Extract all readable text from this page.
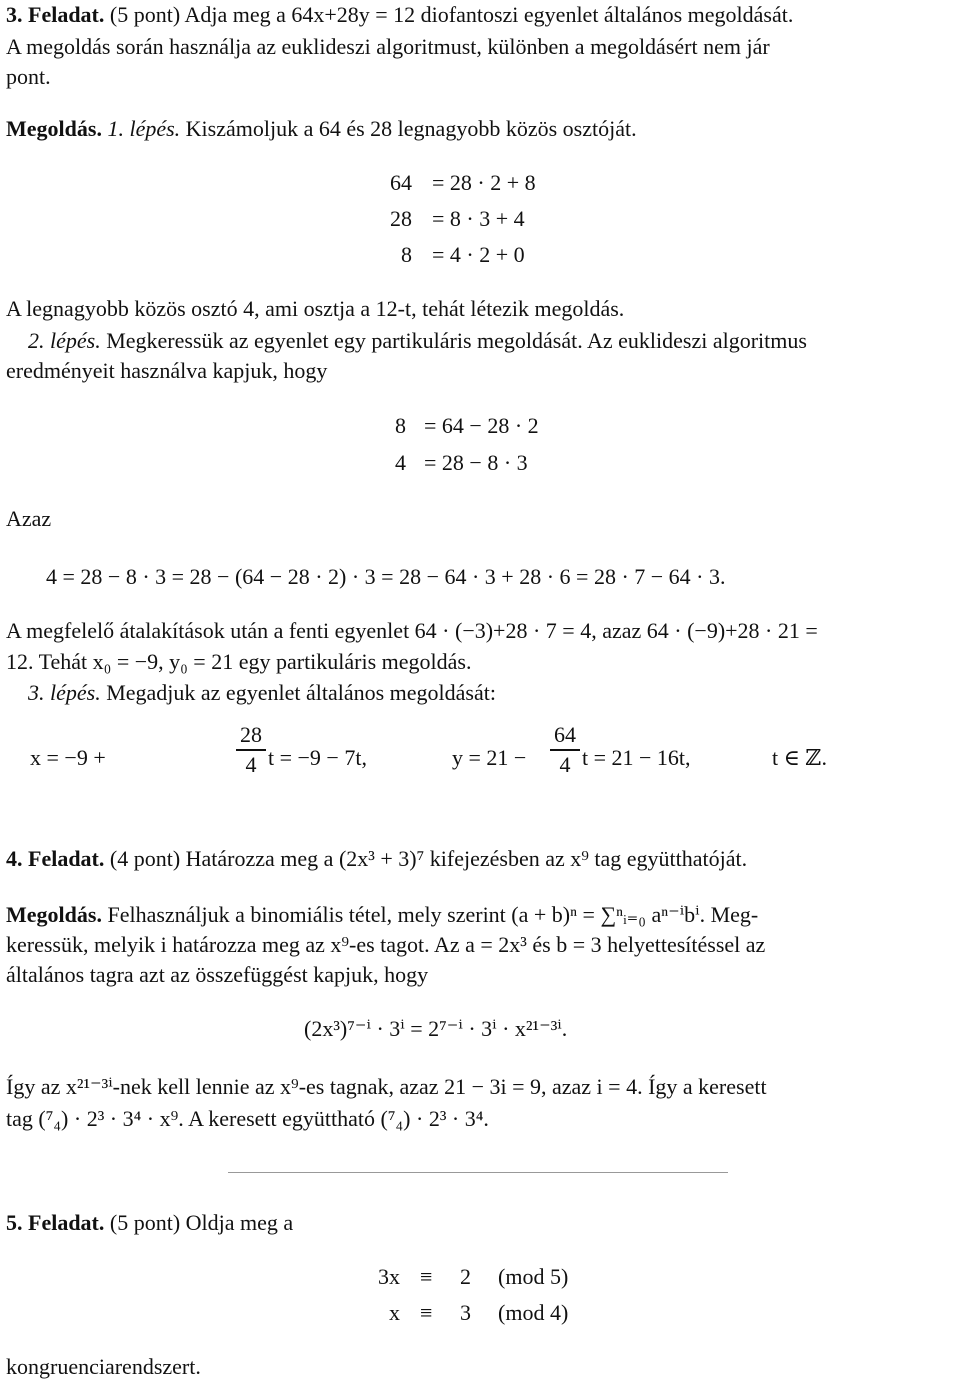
3. Feladat. (5 pont) Adja meg a 64x+28y = 12 diofantoszi egyenlet általános megoldását.
A megoldás során használja az euklideszi algoritmust, különben a megoldásért nem jár
pont.
Megoldás. 1. lépés. Kiszámoljuk a 64 és 28 legnagyobb közös osztóját.
64 = 28 · 2 + 8
28 = 8 · 3 + 4
8 = 4 · 2 + 0
A legnagyobb közös osztó 4, ami osztja a 12-t, tehát létezik megoldás.
2. lépés. Megkeressük az egyenlet egy partikuláris megoldását. Az euklideszi algoritmus
eredményeit használva kapjuk, hogy
8 = 64 − 28 · 2
4 = 28 − 8 · 3
Azaz
4 = 28 − 8 · 3 = 28 − (64 − 28 · 2) · 3 = 28 − 64 · 3 + 28 · 6 = 28 · 7 − 64 · 3.
A megfelelő átalakítások után a fenti egyenlet 64 · (−3)+28 · 7 = 4, azaz 64 · (−9)+28 · 21 =
12. Tehát x₀ = −9, y₀ = 21 egy partikuláris megoldás.
3. lépés. Megadjuk az egyenlet általános megoldását:
x = −9 +
28
4 t = −9 − 7t,	y = 21 −
64
4 t = 21 − 16t,	t ∈ ℤ.
4. Feladat. (4 pont) Határozza meg a (2x³ + 3)⁷ kifejezésben az x⁹ tag együtthatóját.
Megoldás. Felhasználjuk a binomiális tétel, mely szerint (a + b)ⁿ = ∑ⁿᵢ₌₀ aⁿ⁻ⁱbⁱ. Meg-
keressük, melyik i határozza meg az x⁹-es tagot. Az a = 2x³ és b = 3 helyettesítéssel az
általános tagra azt az összefüggést kapjuk, hogy
(2x³)⁷⁻ⁱ · 3ⁱ = 2⁷⁻ⁱ · 3ⁱ · x²¹⁻³ⁱ.
Így az x²¹⁻³ⁱ-nek kell lennie az x⁹-es tagnak, azaz 21 − 3i = 9, azaz i = 4. Így a keresett
tag (⁷₄) · 2³ · 3⁴ · x⁹. A keresett együttható (⁷₄) · 2³ · 3⁴.
5. Feladat. (5 pont) Oldja meg a
3x ≡ 2 (mod 5)
x ≡ 3 (mod 4)
kongruenciarendszert.
